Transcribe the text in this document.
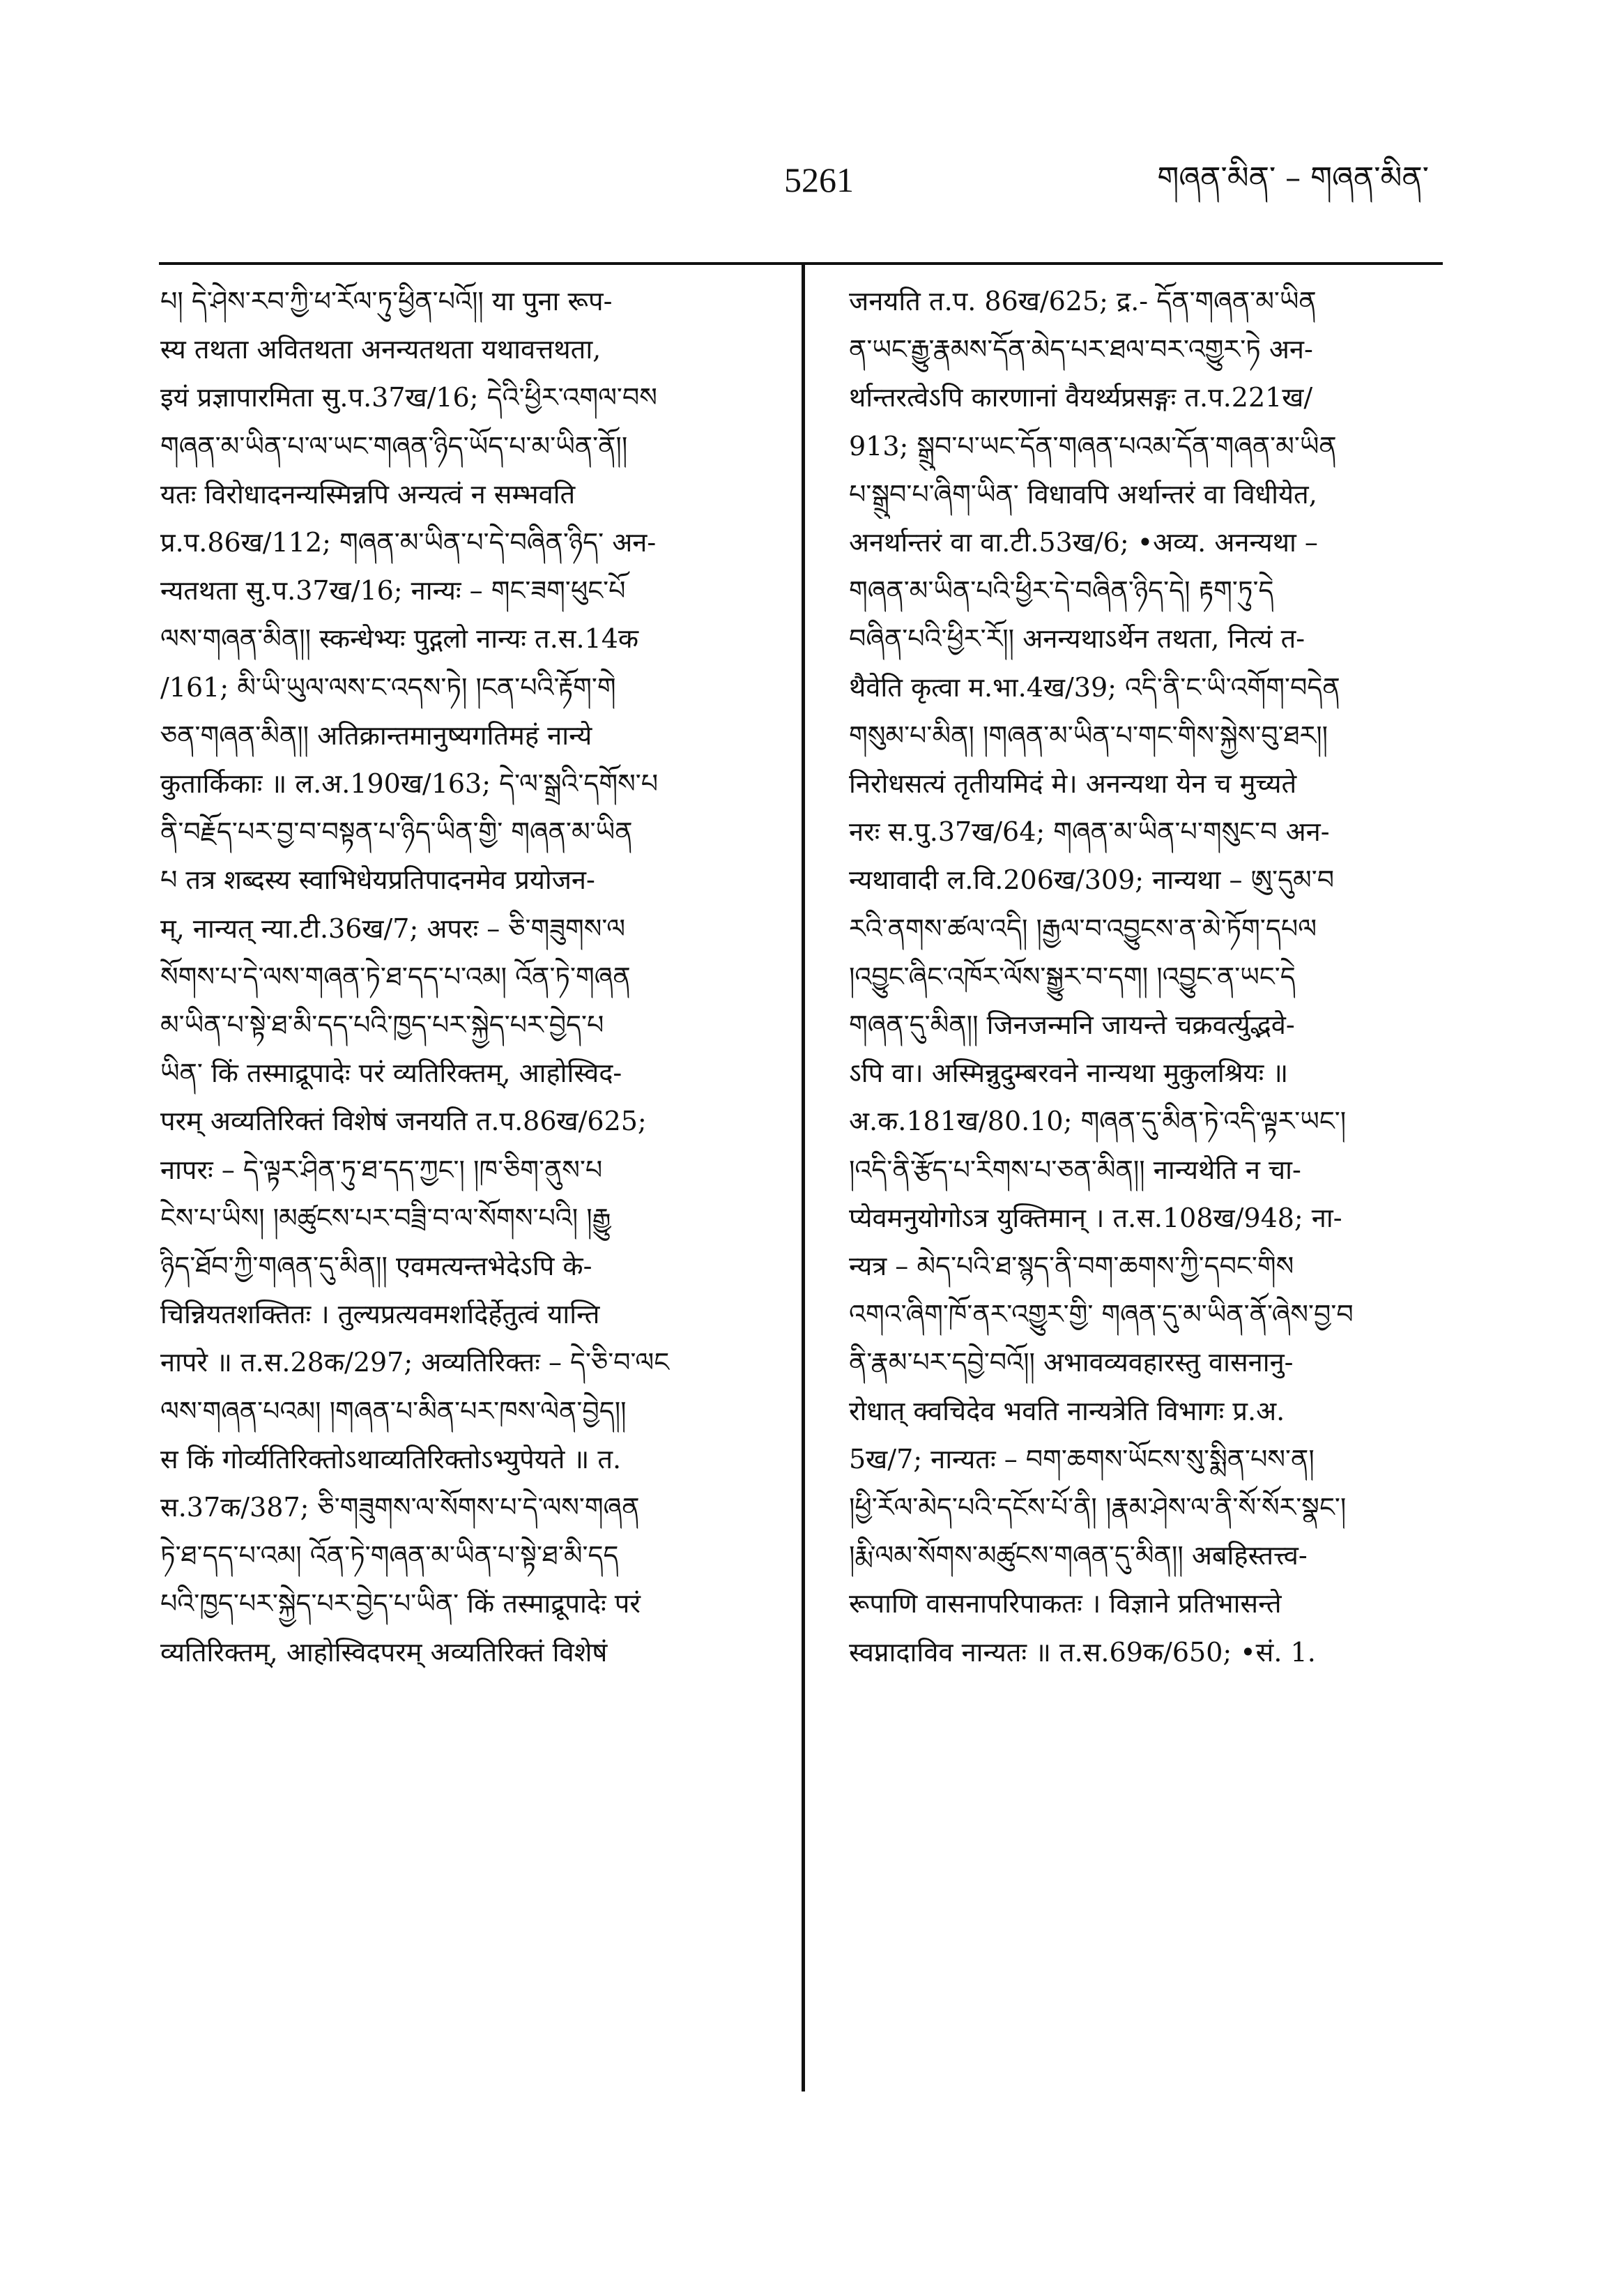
5261	གཞན་མིན་ – གཞན་མིན་
པ། དེ་ཤེས་རབ་ཀྱི་ཕ་རོལ་ཏུ་ཕྱིན་པའོ།། या पुना रूप-
स्य तथता अवितथता अनन्यतथता यथावत्तथता,
इयं प्रज्ञापारमिता सु.प.37ख/16; དེའི་ཕྱིར་འགལ་བས
གཞན་མ་ཡིན་པ་ལ་ཡང་གཞན་ཉིད་ཡོད་པ་མ་ཡིན་ནོ།།
यतः विरोधादनन्यस्मिन्नपि अन्यत्वं न सम्भवति
प्र.प.86ख/112; གཞན་མ་ཡིན་པ་དེ་བཞིན་ཉིད་ अन-
न्यतथता सु.प.37ख/16; नान्यः – གང་ཟག་ཕུང་པོ
ལས་གཞན་མིན།། स्कन्धेभ्यः पुद्गलो नान्यः त.स.14क
/161; མི་ཡི་ཡུལ་ལས་ང་འདས་ཏེ། །ངན་པའི་རྟོག་གེ
ཅན་གཞན་མིན།། अतिक्रान्तमानुष्यगतिमहं नान्ये
कुतार्किकाः ॥ ल.अ.190ख/163; དེ་ལ་སྒྲའི་དགོས་པ
ནི་བརྗོད་པར་བྱ་བ་བསྟན་པ་ཉིད་ཡིན་གྱི་ གཞན་མ་ཡིན
པ तत्र शब्दस्य स्वाभिधेयप्रतिपादनमेव प्रयोजन-
म्, नान्यत् न्या.टी.36ख/7; अपरः – ཅི་གཟུགས་ལ
སོགས་པ་དེ་ལས་གཞན་ཏེ་ཐ་དད་པ་འམ། འོན་ཏེ་གཞན
མ་ཡིན་པ་སྟེ་ཐ་མི་དད་པའི་ཁྱད་པར་སྐྱེད་པར་བྱེད་པ
ཡིན་ किं तस्माद्रूपादेः परं व्यतिरिक्तम्, आहोस्विद-
परम् अव्यतिरिक्तं विशेषं जनयति त.प.86ख/625;
नापरः – དེ་ལྟར་ཤིན་ཏུ་ཐ་དད་ཀྱང་། །ཁ་ཅིག་ནུས་པ
ངེས་པ་ཡིས། །མཚུངས་པར་བཟྲི་བ་ལ་སོགས་པའི། །རྒྱུ
ཉིད་ཐོབ་ཀྱི་གཞན་དུ་མིན།། एवमत्यन्तभेदेऽपि के-
चिन्नियतशक्तितः । तुल्यप्रत्यवमर्शादेर्हेतुत्वं यान्ति
नापरे ॥ त.स.28क/297; अव्यतिरिक्तः – དེ་ཅི་བ་ལང
ལས་གཞན་པའམ། །གཞན་པ་མིན་པར་ཁས་ལེན་བྱེད།།
स किं गोर्व्यतिरिक्तोऽथाव्यतिरिक्तोऽभ्युपेयते ॥ त.
स.37क/387; ཅི་གཟུགས་ལ་སོགས་པ་དེ་ལས་གཞན
ཏེ་ཐ་དད་པ་འམ། འོན་ཏེ་གཞན་མ་ཡིན་པ་སྟེ་ཐ་མི་དད
པའི་ཁྱད་པར་སྐྱེད་པར་བྱེད་པ་ཡིན་ किं तस्माद्रूपादेः परं
व्यतिरिक्तम्, आहोस्विदपरम् अव्यतिरिक्तं विशेषं
जनयति त.प. 86ख/625; द्र.- དོན་གཞན་མ་ཡིན
ན་ཡང་རྒྱུ་རྣམས་དོན་མེད་པར་ཐལ་བར་འགྱུར་ཏེ अन-
र्थान्तरत्वेऽपि कारणानां वैयर्थ्यप्रसङ्गः त.प.221ख/
913; སྒྲུབ་པ་ཡང་དོན་གཞན་པའམ་དོན་གཞན་མ་ཡིན
པ་སྒྲུབ་པ་ཞིག་ཡིན་ विधावपि अर्थान्तरं वा विधीयेत,
अनर्थान्तरं वा वा.टी.53ख/6; •अव्य. अनन्यथा –
གཞན་མ་ཡིན་པའི་ཕྱིར་དེ་བཞིན་ཉིད་དེ། རྟག་ཏུ་དེ
བཞིན་པའི་ཕྱིར་རོ།། अनन्यथाऽर्थेन तथता, नित्यं त-
थैवेति कृत्वा म.भा.4ख/39; འདི་ནི་ང་ཡི་འགོག་བདེན
གསུམ་པ་མིན། །གཞན་མ་ཡིན་པ་གང་གིས་སྐྱེས་བུ་ཐར།།
निरोधसत्यं तृतीयमिदं मे। अनन्यथा येन च मुच्यते
नरः स.पु.37ख/64; གཞན་མ་ཡིན་པ་གསུང་བ अन-
न्यथावादी ल.वि.206ख/309; नान्यथा – ཨུ་དུམ་བ
རའི་ནགས་ཚལ་འདི། །རྒྱལ་བ་འབྱུངས་ན་མེ་ཏོག་དཔལ
།འབྱུང་ཞིང་འཁོར་ལོས་སྒྱུར་བ་དག། །འབྱུང་ན་ཡང་དེ
གཞན་དུ་མིན།། जिनजन्मनि जायन्ते चक्रवर्त्युद्भवे-
ऽपि वा। अस्मिन्नुदुम्बरवने नान्यथा मुकुलश्रियः ॥
अ.क.181ख/80.10; གཞན་དུ་མིན་ཏེ་འདི་ལྟར་ཡང་།
།འདི་ནི་རྩོད་པ་རིགས་པ་ཅན་མིན།། नान्यथेति न चा-
प्येवमनुयोगोऽत्र युक्तिमान् । त.स.108ख/948; ना-
न्यत्र – མེད་པའི་ཐ་སྙད་ནི་བག་ཆགས་ཀྱི་དབང་གིས
འགའ་ཞིག་ཁོ་ནར་འགྱུར་གྱི་ གཞན་དུ་མ་ཡིན་ནོ་ཞེས་བྱ་བ
ནི་རྣམ་པར་དབྱེ་བའོ།། अभावव्यवहारस्तु वासनानु-
रोधात् क्वचिदेव भवति नान्यत्रेति विभागः प्र.अ.
5ख/7; नान्यतः – བག་ཆགས་ཡོངས་སུ་སྨིན་པས་ན།
།ཕྱི་རོལ་མེད་པའི་དངོས་པོ་ནི། །རྣམ་ཤེས་ལ་ནི་སོ་སོར་སྣང་།
།རྨི་ལམ་སོགས་མཚུངས་གཞན་དུ་མིན།། अबहिस्तत्त्व-
रूपाणि वासनापरिपाकतः । विज्ञाने प्रतिभासन्ते
स्वप्नादाविव नान्यतः ॥ त.स.69क/650; •सं. 1.
